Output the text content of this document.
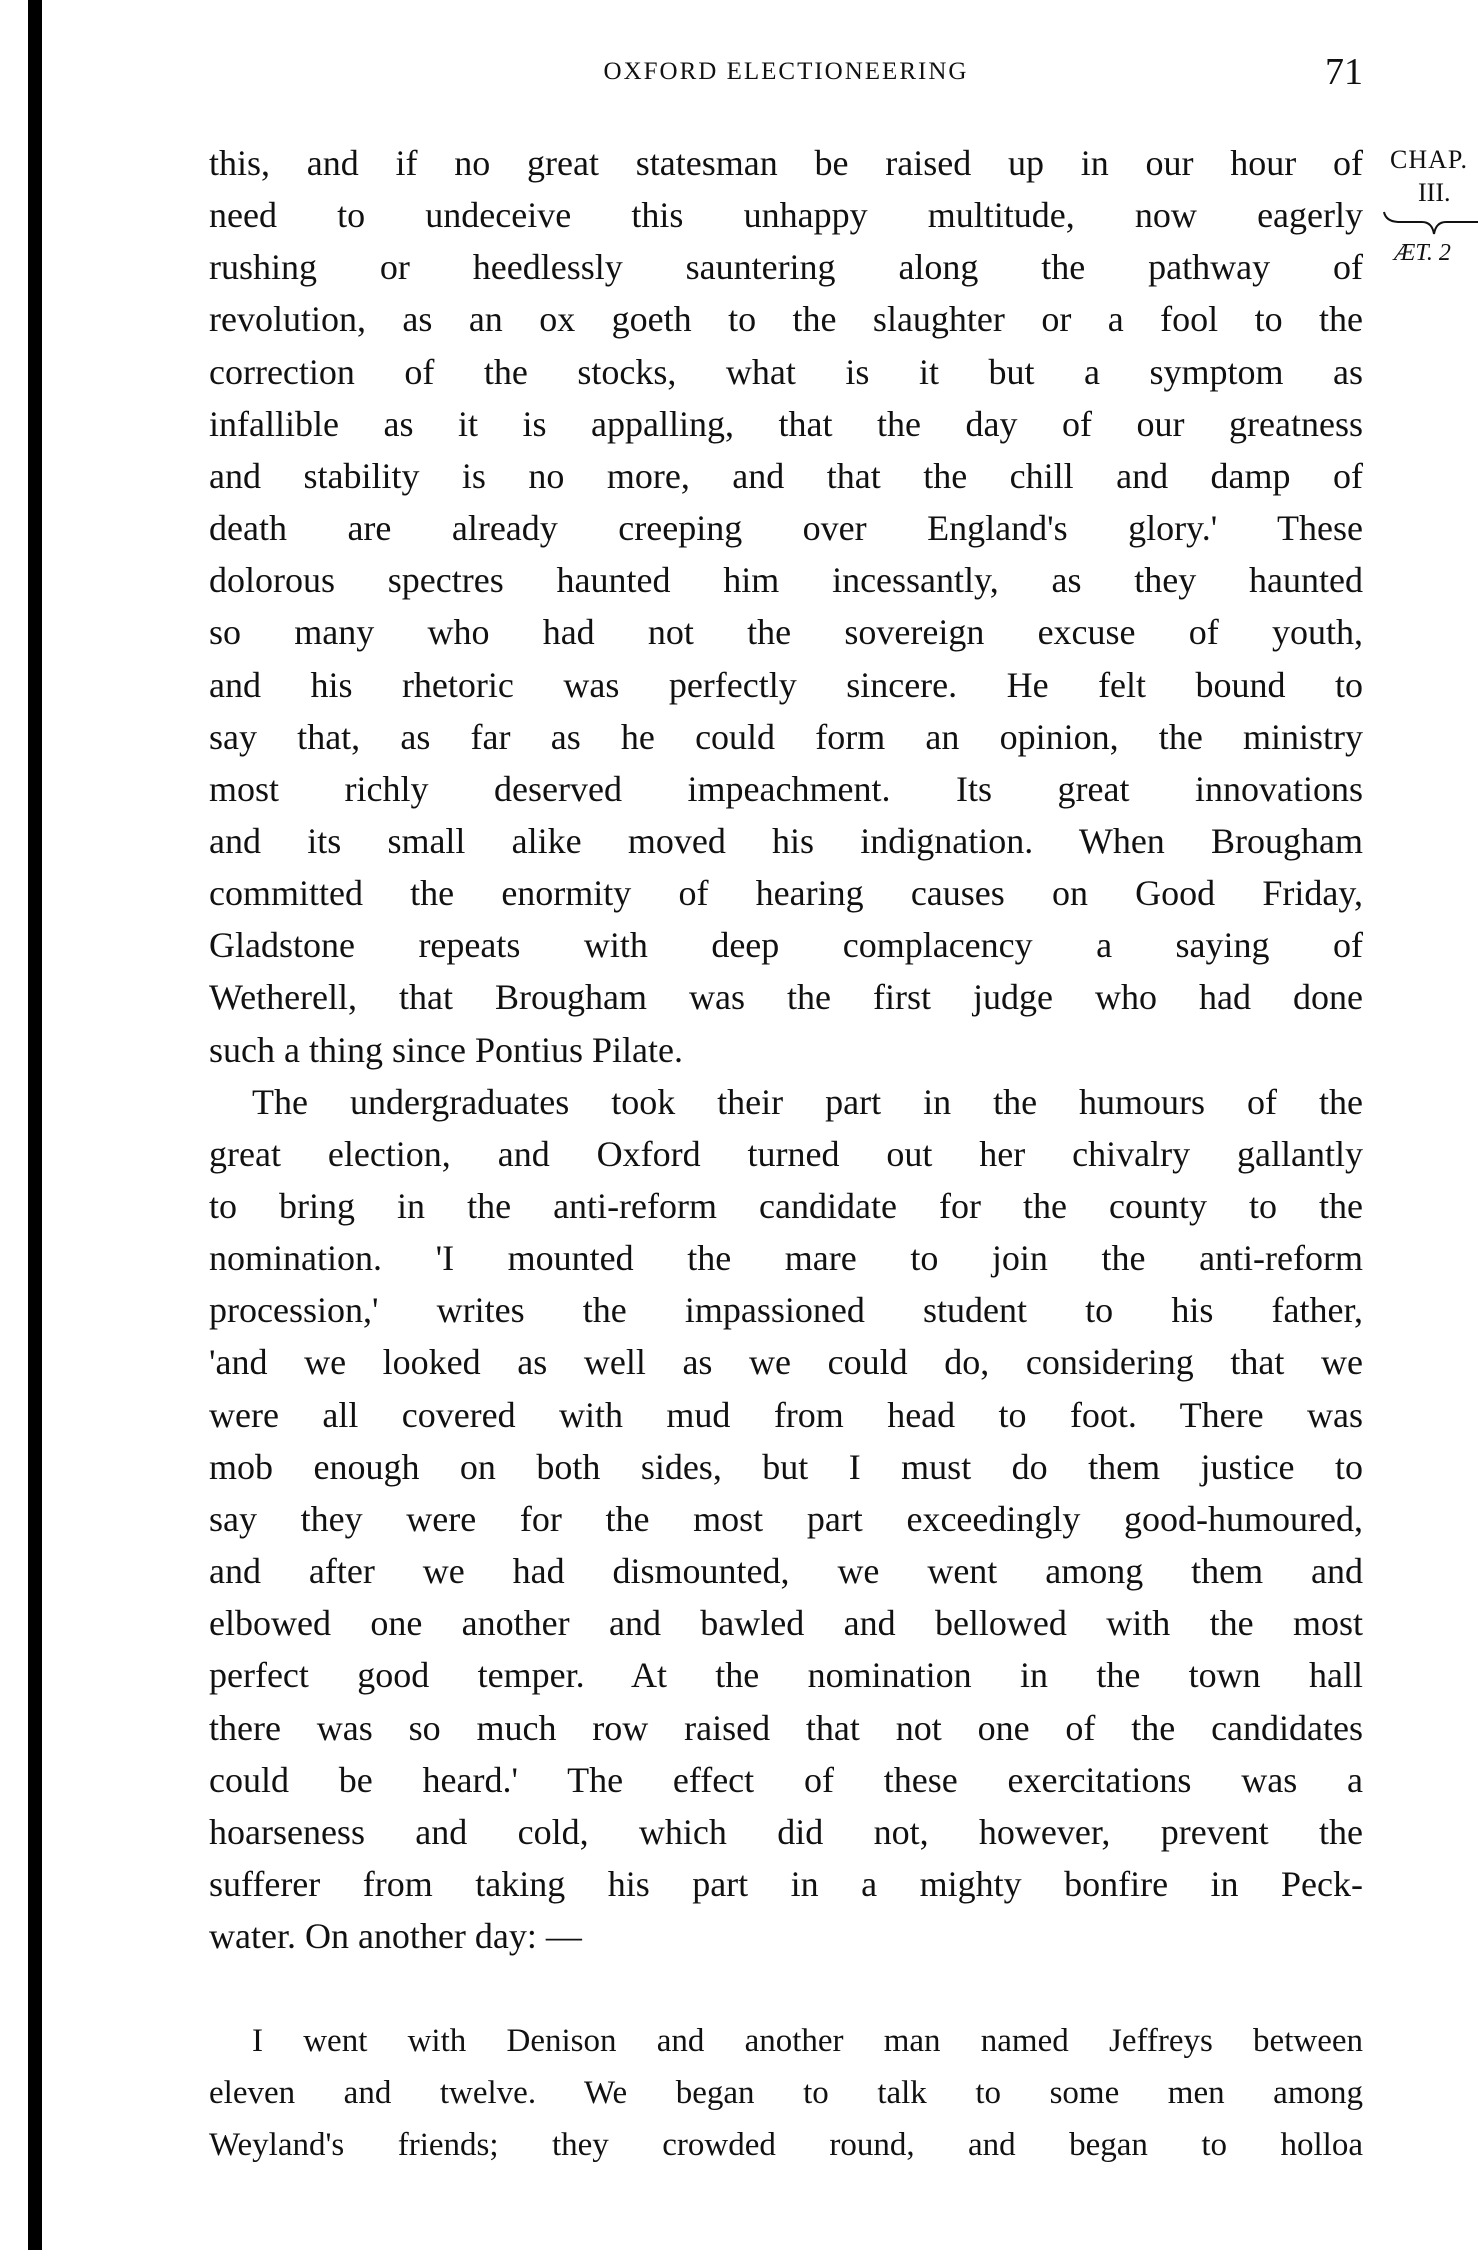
OXFORD ELECTIONEERING	71
CHAP.
III.
ÆT. 2
this, and if no great statesman be raised up in our hour of
need to undeceive this unhappy multitude, now eagerly
rushing or heedlessly sauntering along the pathway of
revolution, as an ox goeth to the slaughter or a fool to the
correction of the stocks, what is it but a symptom as
infallible as it is appalling, that the day of our greatness
and stability is no more, and that the chill and damp of
death are already creeping over England's glory.' These
dolorous spectres haunted him incessantly, as they haunted
so many who had not the sovereign excuse of youth,
and his rhetoric was perfectly sincere. He felt bound to
say that, as far as he could form an opinion, the ministry
most richly deserved impeachment. Its great innovations
and its small alike moved his indignation. When Brougham
committed the enormity of hearing causes on Good Friday,
Gladstone repeats with deep complacency a saying of
Wetherell, that Brougham was the first judge who had done
such a thing since Pontius Pilate.
The undergraduates took their part in the humours of the
great election, and Oxford turned out her chivalry gallantly
to bring in the anti-reform candidate for the county to the
nomination. 'I mounted the mare to join the anti-reform
procession,' writes the impassioned student to his father,
'and we looked as well as we could do, considering that we
were all covered with mud from head to foot. There was
mob enough on both sides, but I must do them justice to
say they were for the most part exceedingly good-humoured,
and after we had dismounted, we went among them and
elbowed one another and bawled and bellowed with the most
perfect good temper. At the nomination in the town hall
there was so much row raised that not one of the candidates
could be heard.' The effect of these exercitations was a
hoarseness and cold, which did not, however, prevent the
sufferer from taking his part in a mighty bonfire in Peck-
water. On another day: —
I went with Denison and another man named Jeffreys between
eleven and twelve. We began to talk to some men among
Weyland's friends; they crowded round, and began to holloa
